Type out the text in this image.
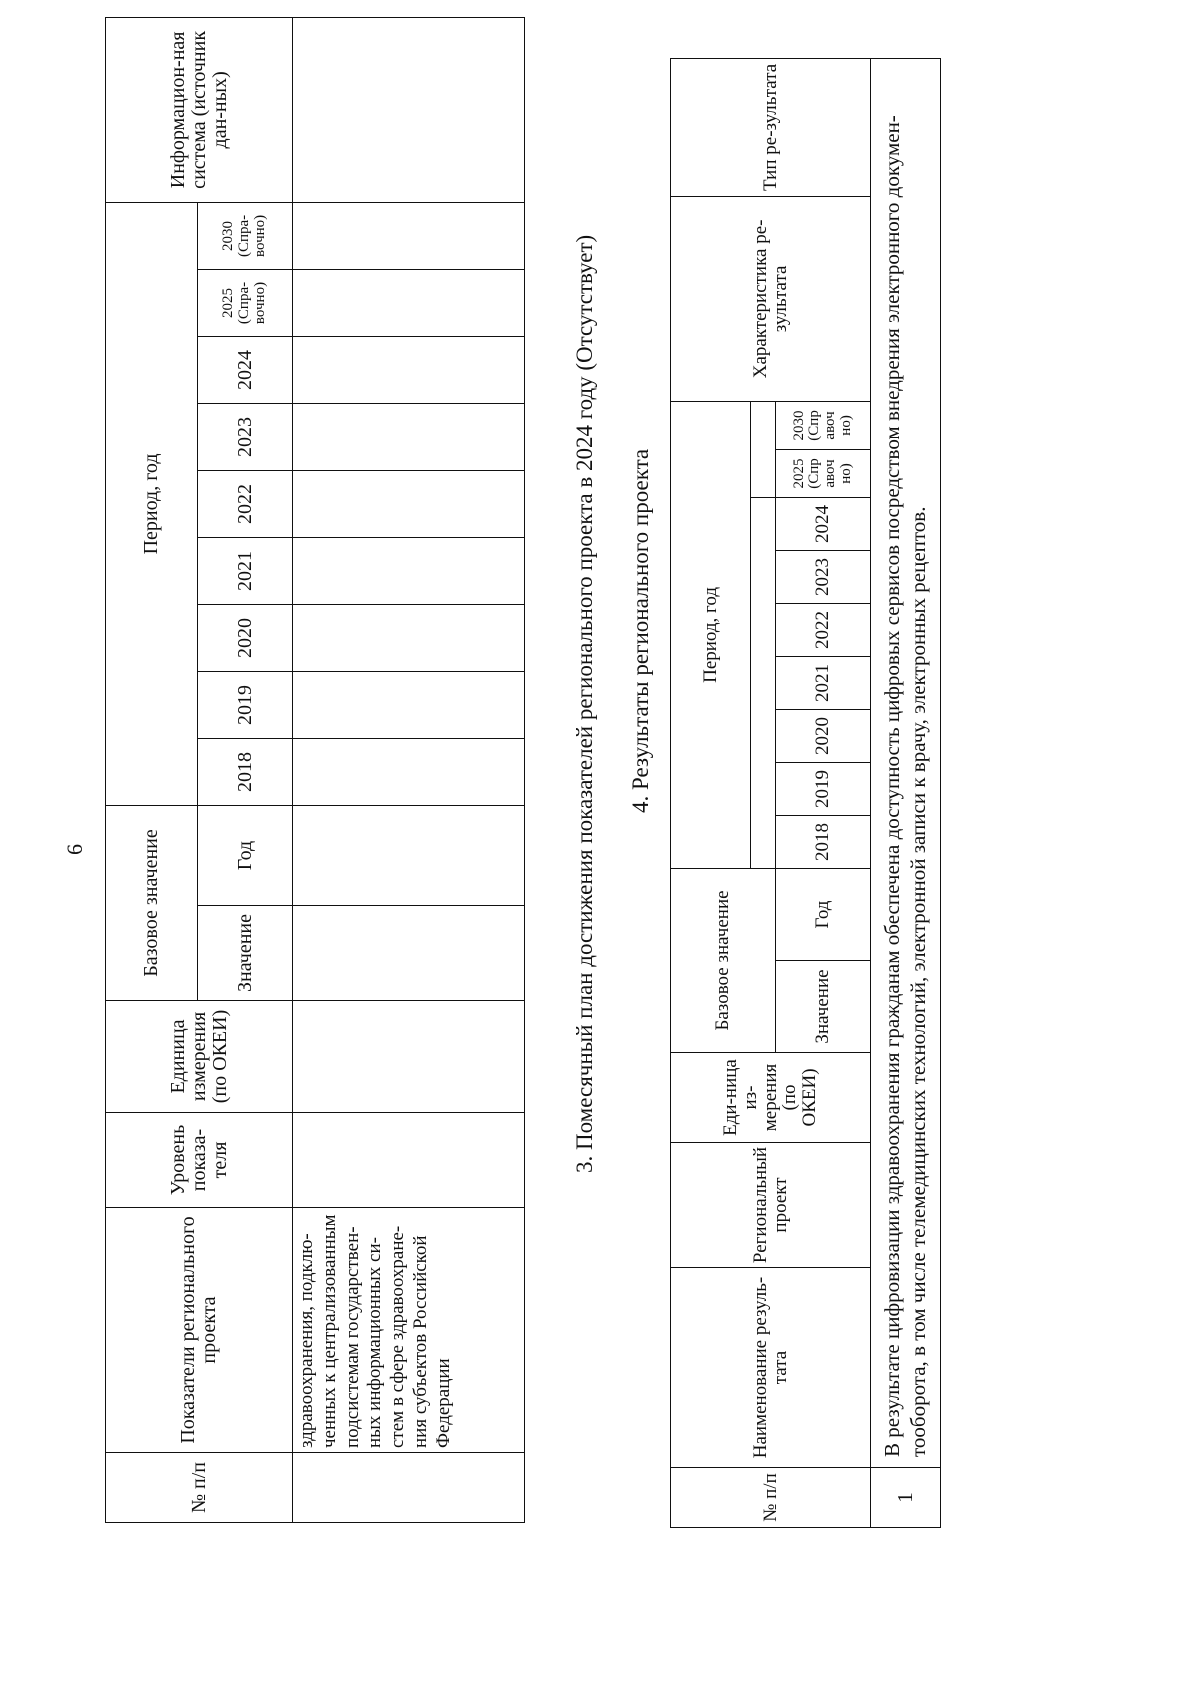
6
№ п/п	Показатели регионального проекта	Уровень показа-теля	Единица измерения (по ОКЕИ)	Базовое значение		Период, год									Информацион-ная система (источник дан-ных)
				Значение	Год	2018	2019	2020	2021	2022	2023	2024	2025 (Спра-вочно)	2030 (Спра-вочно)	
	здравоохранения, подклю-ченных к централизованным подсистемам государствен-ных информационных си-стем в сфере здравоохране-ния субъектов Российской Федерации														
3. Помесячный план достижения показателей регионального проекта в 2024 году (Отсутствует) 4. Результаты регионального проекта
№ п/п	Наименование резуль-тата	Региональный проект	Еди-ница из-мерения (по ОКЕИ)	Базовое значение		Период, год									Характеристика ре-зультата	Тип ре-зультата

				Значение	Год	2018	2019	2020	2021	2022	2023	2024	2025 (Спр авоч но)	2030 (Спр авоч но)		
1	В результате цифровизации здравоохранения гражданам обеспечена доступность цифровых сервисов посредством внедрения электронного докумен-тооборота, в том числе телемедицинских технологий, электронной записи к врачу, электронных рецептов.															
